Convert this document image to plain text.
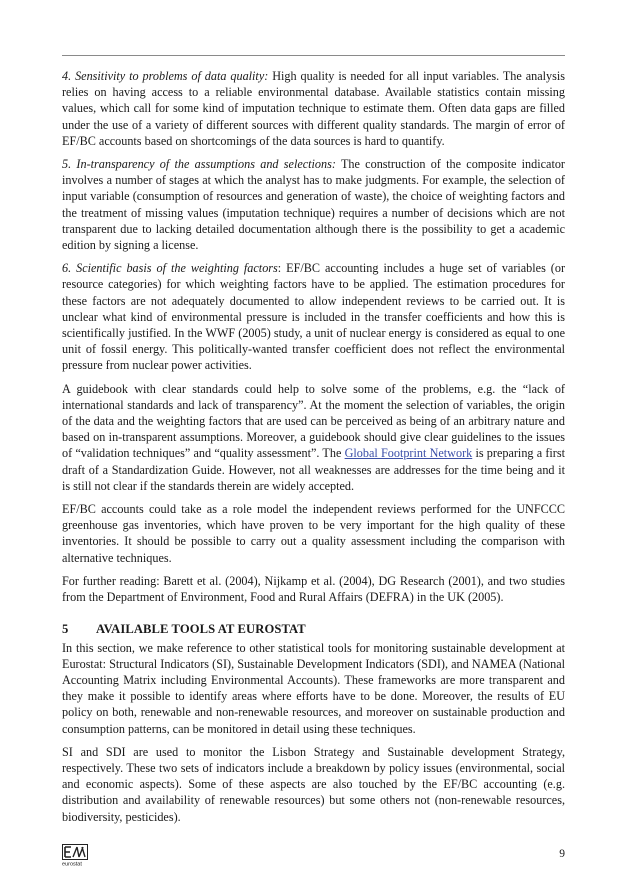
4. Sensitivity to problems of data quality: High quality is needed for all input variables. The analysis relies on having access to a reliable environmental database. Available statistics contain missing values, which call for some kind of imputation technique to estimate them. Often data gaps are filled under the use of a variety of different sources with different quality standards. The margin of error of EF/BC accounts based on shortcomings of the data sources is hard to quantify.

5. In-transparency of the assumptions and selections: The construction of the composite indicator involves a number of stages at which the analyst has to make judgments. For example, the selection of input variable (consumption of resources and generation of waste), the choice of weighting factors and the treatment of missing values (imputation technique) requires a number of decisions which are not transparent due to lacking detailed documentation although there is the possibility to get a academic edition by signing a license.

6. Scientific basis of the weighting factors: EF/BC accounting includes a huge set of variables (or resource categories) for which weighting factors have to be applied. The estimation procedures for these factors are not adequately documented to allow independent reviews to be carried out. It is unclear what kind of environmental pressure is included in the transfer coefficients and how this is scientifically justified. In the WWF (2005) study, a unit of nuclear energy is considered as equal to one unit of fossil energy. This politically-wanted transfer coefficient does not reflect the environmental pressure from nuclear power activities.

A guidebook with clear standards could help to solve some of the problems, e.g. the “lack of international standards and lack of transparency”. At the moment the selection of variables, the origin of the data and the weighting factors that are used can be perceived as being of an arbitrary nature and based on in-transparent assumptions. Moreover, a guidebook should give clear guidelines to the issues of “validation techniques” and “quality assessment”. The Global Footprint Network is preparing a first draft of a Standardization Guide. However, not all weaknesses are addresses for the time being and it is still not clear if the standards therein are widely accepted.

EF/BC accounts could take as a role model the independent reviews performed for the UNFCCC greenhouse gas inventories, which have proven to be very important for the high quality of these inventories. It should be possible to carry out a quality assessment including the comparison with alternative techniques.

For further reading: Barett et al. (2004), Nijkamp et al. (2004), DG Research (2001), and two studies from the Department of Environment, Food and Rural Affairs (DEFRA) in the UK (2005).

5 AVAILABLE TOOLS AT EUROSTAT

In this section, we make reference to other statistical tools for monitoring sustainable development at Eurostat: Structural Indicators (SI), Sustainable Development Indicators (SDI), and NAMEA (National Accounting Matrix including Environmental Accounts). These frameworks are more transparent and they make it possible to identify areas where efforts have to be done. Moreover, the results of EU policy on both, renewable and non-renewable resources, and moreover on sustainable production and consumption patterns, can be monitored in detail using these techniques.

SI and SDI are used to monitor the Lisbon Strategy and Sustainable development Strategy, respectively. These two sets of indicators include a breakdown by policy issues (environmental, social and economic aspects). Some of these aspects are also touched by the EF/BC accounting (e.g. distribution and availability of renewable resources) but some others not (non-renewable resources, biodiversity, pesticides).

eurostat
9
